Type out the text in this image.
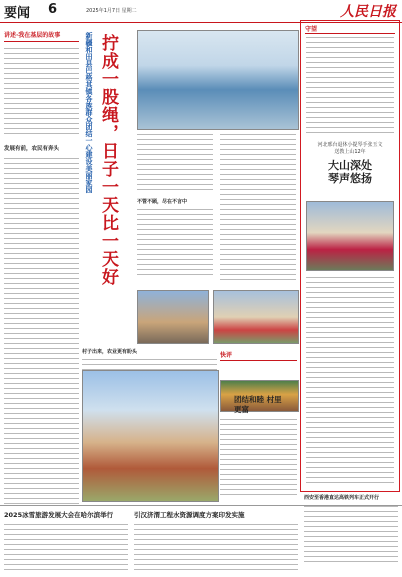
要闻 6	2025年1月7日 星期二	人民日报
讲述·我在基层的故事
发展有前，农民有奔头	新疆和田县巴格其镇各族群众团结一心建设美丽家园 拧成一股绳，日子一天比一天好	不管不顾，尽在不言中
村子出来，农业更有盼头	快评
团结和睦 村里更富
守望
河北邢台退休小提琴手张玉文
送教上山12年
大山深处
琴声悠扬
2025冰雪旅游发展大会在哈尔滨举行	引汉济渭工程水资源调度方案印发实施
西安至香港直达高铁列车正式开行
